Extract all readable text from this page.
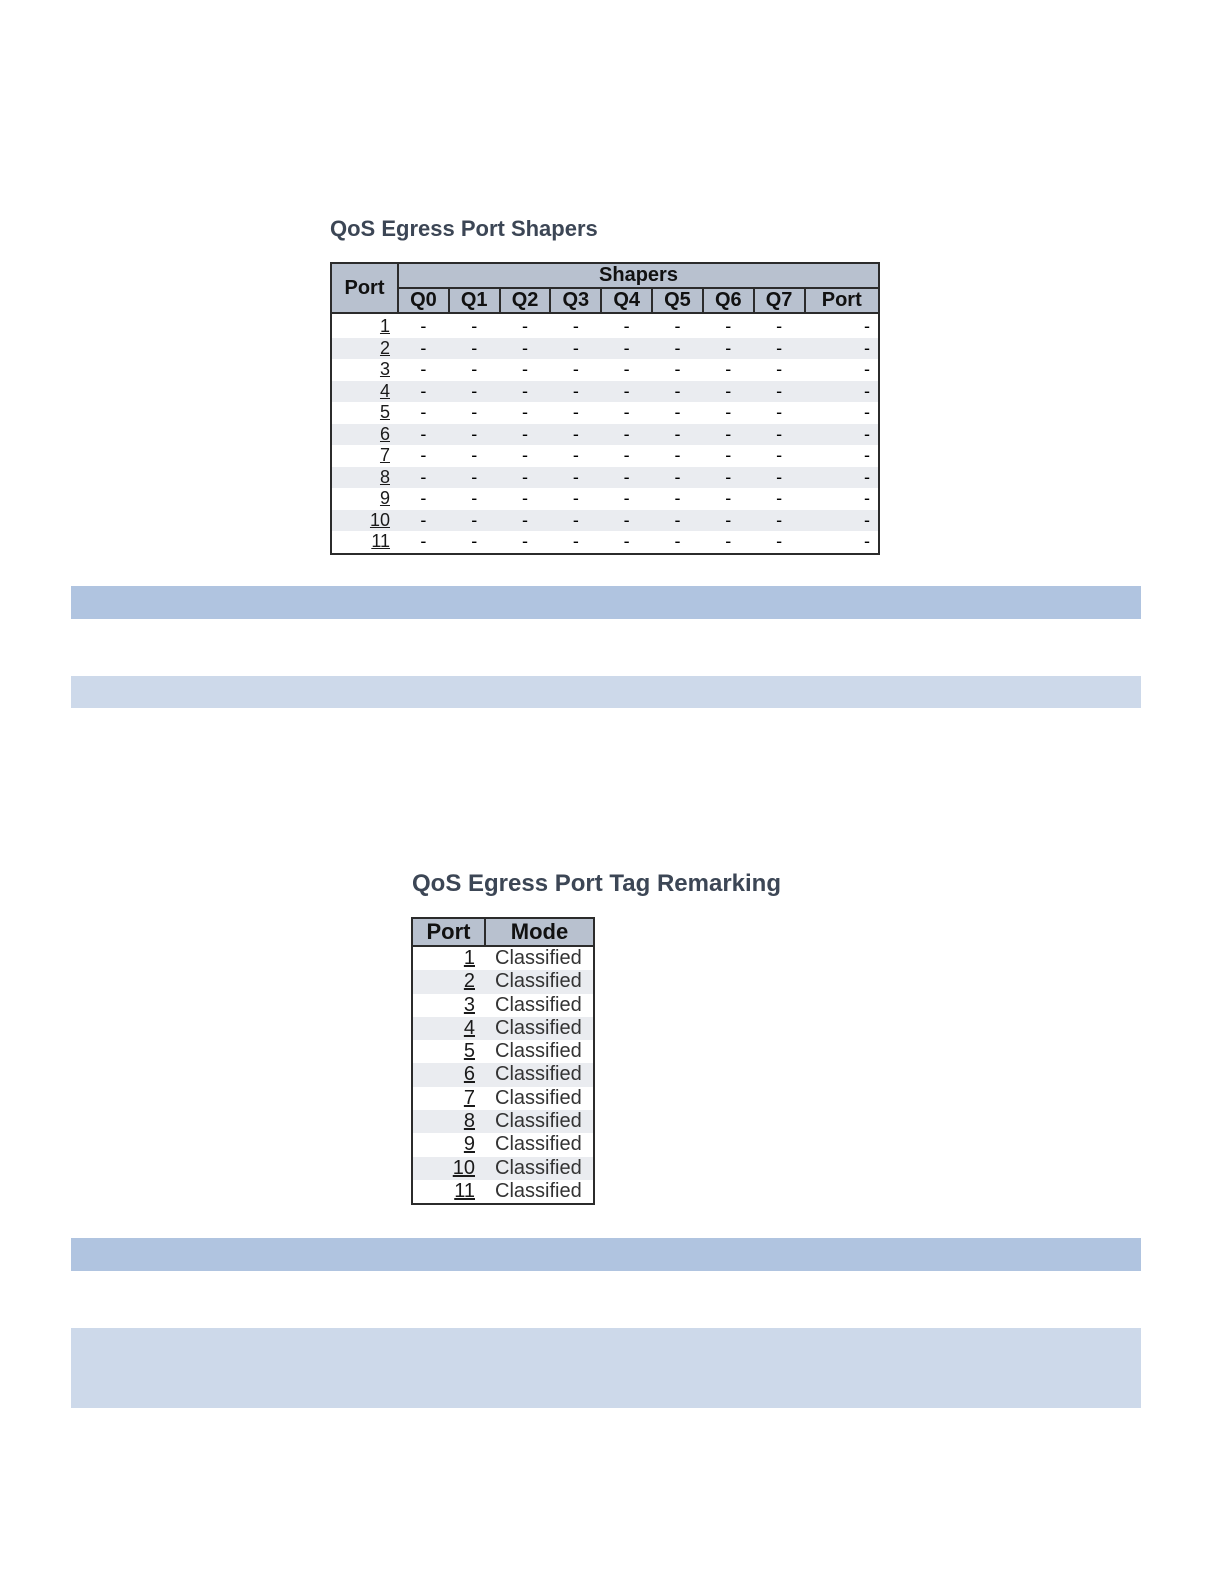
QoS Egress Port Shapers
Port	Shapers								
	Q0	Q1	Q2	Q3	Q4	Q5	Q6	Q7	Port
1	-	-	-	-	-	-	-	-	-
2	-	-	-	-	-	-	-	-	-
3	-	-	-	-	-	-	-	-	-
4	-	-	-	-	-	-	-	-	-
5	-	-	-	-	-	-	-	-	-
6	-	-	-	-	-	-	-	-	-
7	-	-	-	-	-	-	-	-	-
8	-	-	-	-	-	-	-	-	-
9	-	-	-	-	-	-	-	-	-
10	-	-	-	-	-	-	-	-	-
11	-	-	-	-	-	-	-	-	-
QoS Egress Port Tag Remarking
Port	Mode
1	Classified
2	Classified
3	Classified
4	Classified
5	Classified
6	Classified
7	Classified
8	Classified
9	Classified
10	Classified
11	Classified
